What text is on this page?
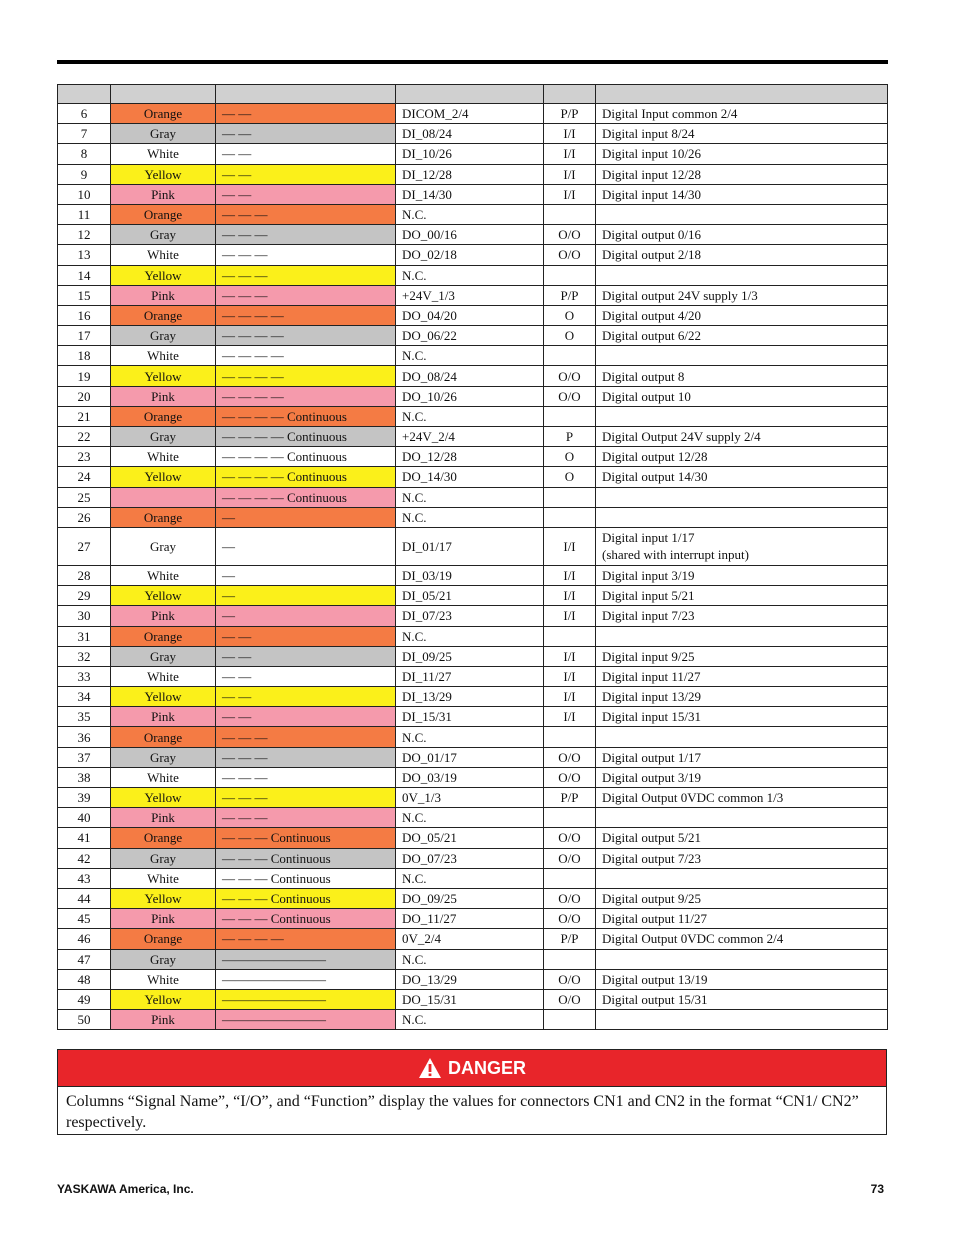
6	Orange	— —	DICOM_2/4	P/P	Digital Input common 2/4
7	Gray	— —	DI_08/24	I/I	Digital input 8/24
8	White	— —	DI_10/26	I/I	Digital input 10/26
9	Yellow	— —	DI_12/28	I/I	Digital input 12/28
10	Pink	— —	DI_14/30	I/I	Digital input 14/30
11	Orange	— — —	N.C.		
12	Gray	— — —	DO_00/16	O/O	Digital output 0/16
13	White	— — —	DO_02/18	O/O	Digital output 2/18
14	Yellow	— — —	N.C.		
15	Pink	— — —	+24V_1/3	P/P	Digital output 24V supply 1/3
16	Orange	— — — —	DO_04/20	O	Digital output 4/20
17	Gray	— — — —	DO_06/22	O	Digital output 6/22
18	White	— — — —	N.C.		
19	Yellow	— — — —	DO_08/24	O/O	Digital output 8
20	Pink	— — — —	DO_10/26	O/O	Digital output 10
21	Orange	— — — — Continuous	N.C.		
22	Gray	— — — — Continuous	+24V_2/4	P	Digital Output 24V supply 2/4
23	White	— — — — Continuous	DO_12/28	O	Digital output 12/28
24	Yellow	— — — — Continuous	DO_14/30	O	Digital output 14/30
25		— — — — Continuous	N.C.		
26	Orange	—	N.C.		
27	Gray	—	DI_01/17	I/I	Digital input 1/17
(shared with interrupt input)
28	White	—	DI_03/19	I/I	Digital input 3/19
29	Yellow	—	DI_05/21	I/I	Digital input 5/21
30	Pink	—	DI_07/23	I/I	Digital input 7/23
31	Orange	— —	N.C.		
32	Gray	— —	DI_09/25	I/I	Digital input 9/25
33	White	— —	DI_11/27	I/I	Digital input 11/27
34	Yellow	— —	DI_13/29	I/I	Digital input 13/29
35	Pink	— —	DI_15/31	I/I	Digital input 15/31
36	Orange	— — —	N.C.		
37	Gray	— — —	DO_01/17	O/O	Digital output 1/17
38	White	— — —	DO_03/19	O/O	Digital output 3/19
39	Yellow	— — —	0V_1/3	P/P	Digital Output 0VDC common 1/3
40	Pink	— — —	N.C.		
41	Orange	— — — Continuous	DO_05/21	O/O	Digital output 5/21
42	Gray	— — — Continuous	DO_07/23	O/O	Digital output 7/23
43	White	— — — Continuous	N.C.		
44	Yellow	— — — Continuous	DO_09/25	O/O	Digital output 9/25
45	Pink	— — — Continuous	DO_11/27	O/O	Digital output 11/27
46	Orange	— — — —	0V_2/4	P/P	Digital Output 0VDC common 2/4
47	Gray	————————	N.C.		
48	White	————————	DO_13/29	O/O	Digital output 13/19
49	Yellow	————————	DO_15/31	O/O	Digital output 15/31
50	Pink	————————	N.C.		
DANGER
Columns “Signal Name”, “I/O”, and “Function” display the values for connectors CN1 and CN2 in the format “CN1/ CN2” respectively.
YASKAWA America, Inc.	73
